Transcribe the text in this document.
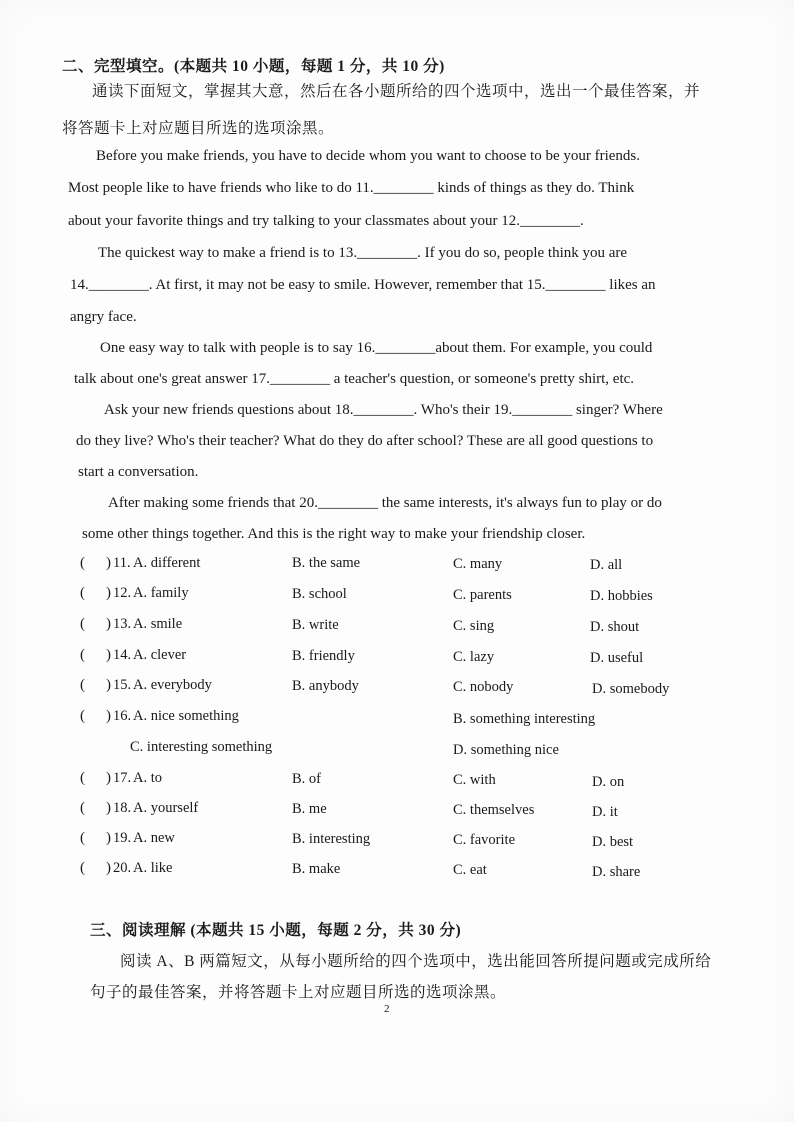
二、完型填空。(本题共 10 小题，每题 1 分，共 10 分)
通读下面短文，掌握其大意，然后在各小题所给的四个选项中，选出一个最佳答案，并
将答题卡上对应题目所选的选项涂黑。
Before you make friends, you have to decide whom you want to choose to be your friends.
Most people like to have friends who like to do 11.________ kinds of things as they do. Think
about your favorite things and try talking to your classmates about your 12.________.
The quickest way to make a friend is to 13.________. If you do so, people think you are
14.________. At first, it may not be easy to smile. However, remember that 15.________ likes an
angry face.
One easy way to talk with people is to say 16.________about them. For example, you could
talk about one's great answer 17.________ a teacher's question, or someone's pretty shirt, etc.
Ask your new friends questions about 18.________. Who's their 19.________ singer? Where
do they live? Who's their teacher? What do they do after school? These are all good questions to
start a conversation.
After making some friends that 20.________ the same interests, it's always fun to play or do
some other things together. And this is the right way to make your friendship closer.
( ) 11. A. different	B. the same	C. many	D. all
( ) 12. A. family	B. school	C. parents	D. hobbies
( ) 13. A. smile	B. write	C. sing	D. shout
( ) 14. A. clever	B. friendly	C. lazy	D. useful
( ) 15. A. everybody	B. anybody	C. nobody	D. somebody
( ) 16. A. nice something	B. something interesting
C. interesting something	D. something nice
( ) 17. A. to	B. of	C. with	D. on
( ) 18. A. yourself	B. me	C. themselves	D. it
( ) 19. A. new	B. interesting	C. favorite	D. best
( ) 20. A. like	B. make	C. eat	D. share
三、阅读理解 (本题共 15 小题，每题 2 分，共 30 分)
阅读 A、B 两篇短文，从每小题所给的四个选项中，选出能回答所提问题或完成所给
句子的最佳答案，并将答题卡上对应题目所选的选项涂黑。
2
